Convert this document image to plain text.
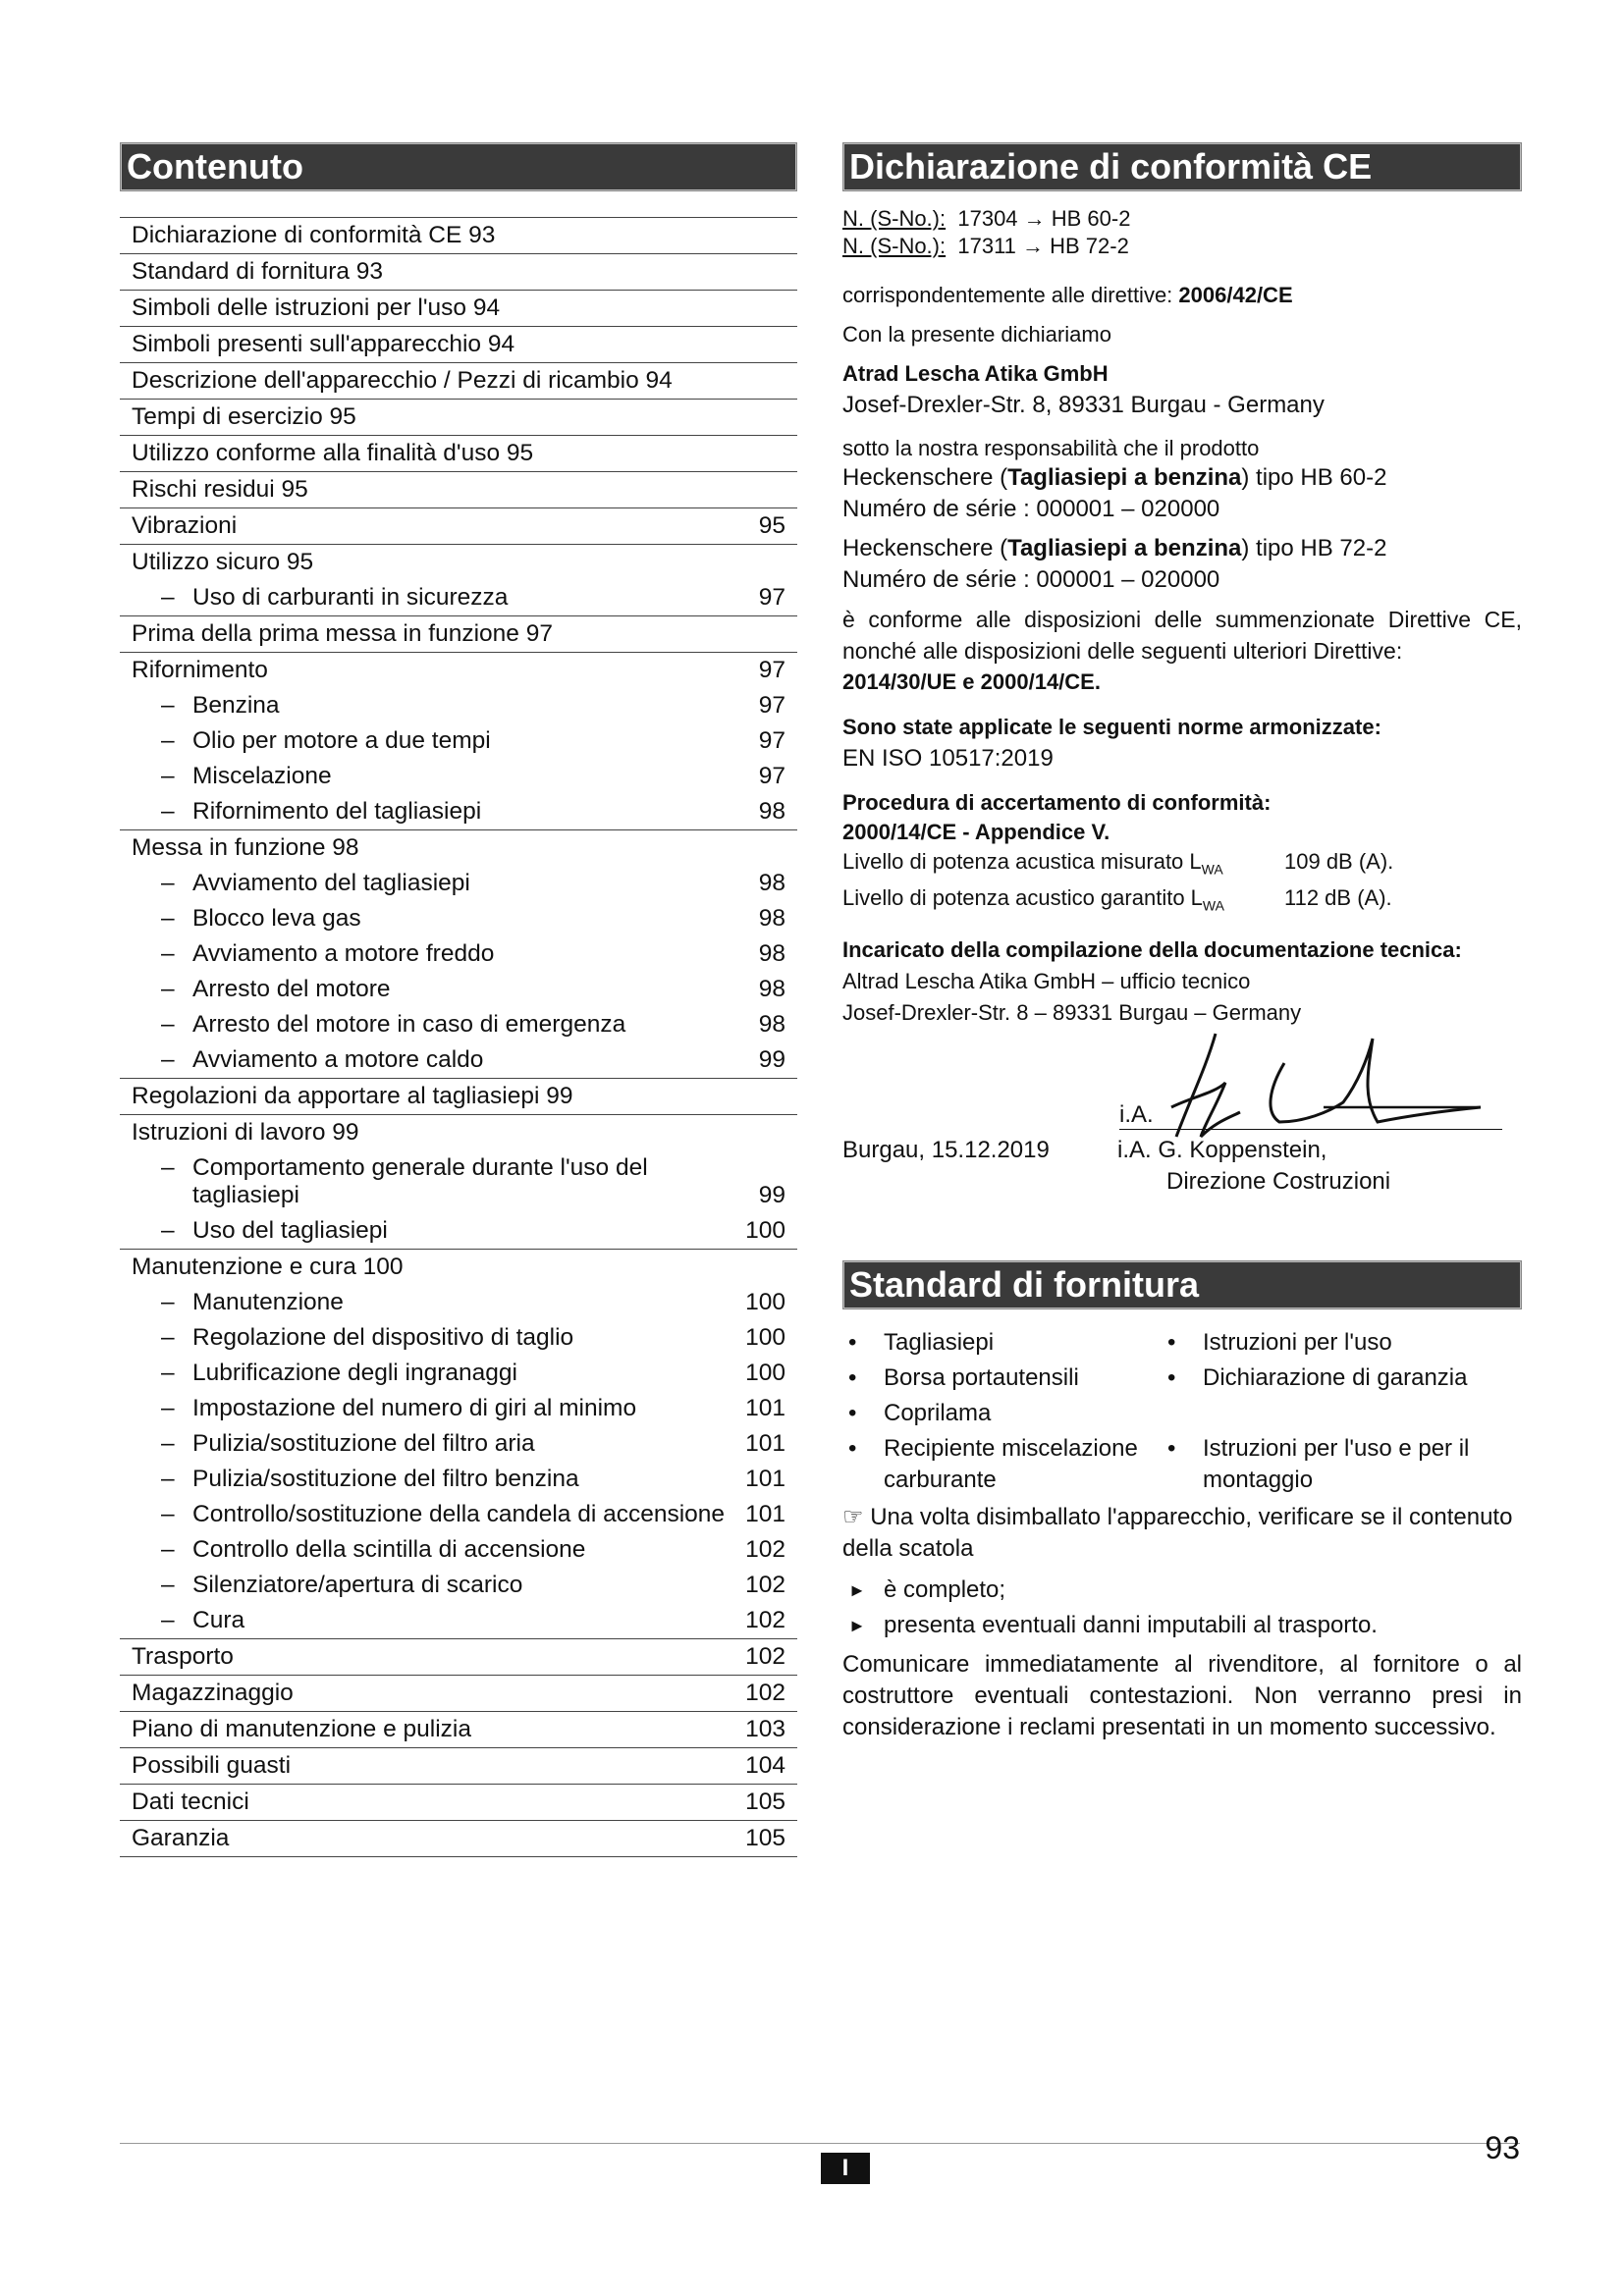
Contenuto
Dichiarazione di conformità CE 93
Standard di fornitura 93
Simboli delle istruzioni per l'uso 94
Simboli presenti sull'apparecchio 94
Descrizione dell'apparecchio / Pezzi di ricambio 94
Tempi di esercizio 95
Utilizzo conforme alla finalità d'uso 95
Rischi residui 95
Vibrazioni	95
Utilizzo sicuro 95
– Uso di carburanti in sicurezza	97
Prima della prima messa in funzione 97
Rifornimento	97
– Benzina	97
– Olio per motore a due tempi	97
– Miscelazione	97
– Rifornimento del tagliasiepi	98
Messa in funzione 98
– Avviamento del tagliasiepi	98
– Blocco leva gas	98
– Avviamento a motore freddo	98
– Arresto del motore	98
– Arresto del motore in caso di emergenza	98
– Avviamento a motore caldo	99
Regolazioni da apportare al tagliasiepi 99
Istruzioni di lavoro 99
– Comportamento generale durante l'uso del tagliasiepi	99
– Uso del tagliasiepi	100
Manutenzione e cura 100
– Manutenzione	100
– Regolazione del dispositivo di taglio	100
– Lubrificazione degli ingranaggi	100
– Impostazione del numero di giri al minimo	101
– Pulizia/sostituzione del filtro aria	101
– Pulizia/sostituzione del filtro benzina	101
– Controllo/sostituzione della candela di accensione 101
– Controllo della scintilla di accensione	102
– Silenziatore/apertura di scarico	102
– Cura	102
Trasporto	102
Magazzinaggio	102
Piano di manutenzione e pulizia	103
Possibili guasti	104
Dati tecnici	105
Garanzia	105
Dichiarazione di conformità CE

N. (S-No.): 17304 → HB 60-2

N. (S-No.): 17311 → HB 72-2

corrispondentemente alle direttive: 2006/42/CE

Con la presente dichiariamo

Atrad Lescha Atika GmbH

Josef-Drexler-Str. 8, 89331 Burgau - Germany

sotto la nostra responsabilità che il prodotto

Heckenschere (Tagliasiepi a benzina) tipo HB 60-2

Numéro de série : 000001 – 020000

Heckenschere (Tagliasiepi a benzina) tipo HB 72-2

Numéro de série : 000001 – 020000

è conforme alle disposizioni delle summenzionate Direttive CE, nonché alle disposizioni delle seguenti ulteriori Direttive:

2014/30/UE e 2000/14/CE.

Sono state applicate le seguenti norme armonizzate:

EN ISO 10517:2019

Procedura di accertamento di conformità:

2000/14/CE - Appendice V.

Livello di potenza acustica misurato $L_{WA}$	109 dB (A).
Livello di potenza acustico garantito $L_{WA}$	112 dB (A).

Incaricato della compilazione della documentazione tecnica:

Altrad Lescha Atika GmbH – ufficio tecnico

Josef-Drexler-Str. 8 – 89331 Burgau – Germany

i.A.
Burgau, 15.12.2019	i.A. G. Koppenstein,

Direzione Costruzioni

Standard di fornitura
•	Tagliasiepi	•	Istruzioni per l'uso
•	Borsa portautensili	•	Dichiarazione di garanzia
•	Coprilama
•	Recipiente miscelazione carburante
•	Istruzioni per l'uso e per il montaggio

☞ Una volta disimballato l'apparecchio, verificare se il contenuto della scatola

► è completo;
► presenta eventuali danni imputabili al trasporto.

Comunicare immediatamente al rivenditore, al fornitore o al costruttore eventuali contestazioni. Non verranno presi in considerazione i reclami presentati in un momento successivo.

I
93
